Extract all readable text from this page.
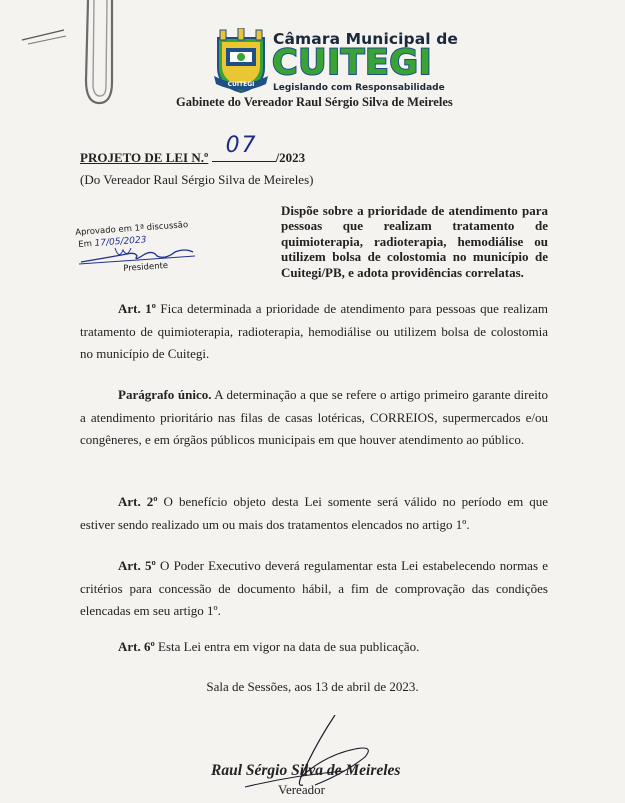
CUITEGI
Câmara Municipal de
CUITEGI
Legislando com Responsabilidade
Gabinete do Vereador Raul Sérgio Silva de Meireles
PROJETO DE LEI N.º 07 /2023
(Do Vereador Raul Sérgio Silva de Meireles)
Aprovado em 1ª discussão
Em 17/05/2023
Presidente
Dispõe sobre a prioridade de atendimento para pessoas que realizam tratamento de quimioterapia, radioterapia, hemodiálise ou utilizem bolsa de colostomia no município de Cuitegi/PB, e adota providências correlatas.

Art. 1º Fica determinada a prioridade de atendimento para pessoas que realizam tratamento de quimioterapia, radioterapia, hemodiálise ou utilizem bolsa de colostomia no município de Cuitegi.

Parágrafo único. A determinação a que se refere o artigo primeiro garante direito a atendimento prioritário nas filas de casas lotéricas, CORREIOS, supermercados e/ou congêneres, e em órgãos públicos municipais em que houver atendimento ao público.

Art. 2º O benefício objeto desta Lei somente será válido no período em que estiver sendo realizado um ou mais dos tratamentos elencados no artigo 1º.

Art. 5º O Poder Executivo deverá regulamentar esta Lei estabelecendo normas e critérios para concessão de documento hábil, a fim de comprovação das condições elencadas em seu artigo 1º.

Art. 6º Esta Lei entra em vigor na data de sua publicação.

Sala de Sessões, aos 13 de abril de 2023.
Raul Sérgio Silva de Meireles
Vereador
